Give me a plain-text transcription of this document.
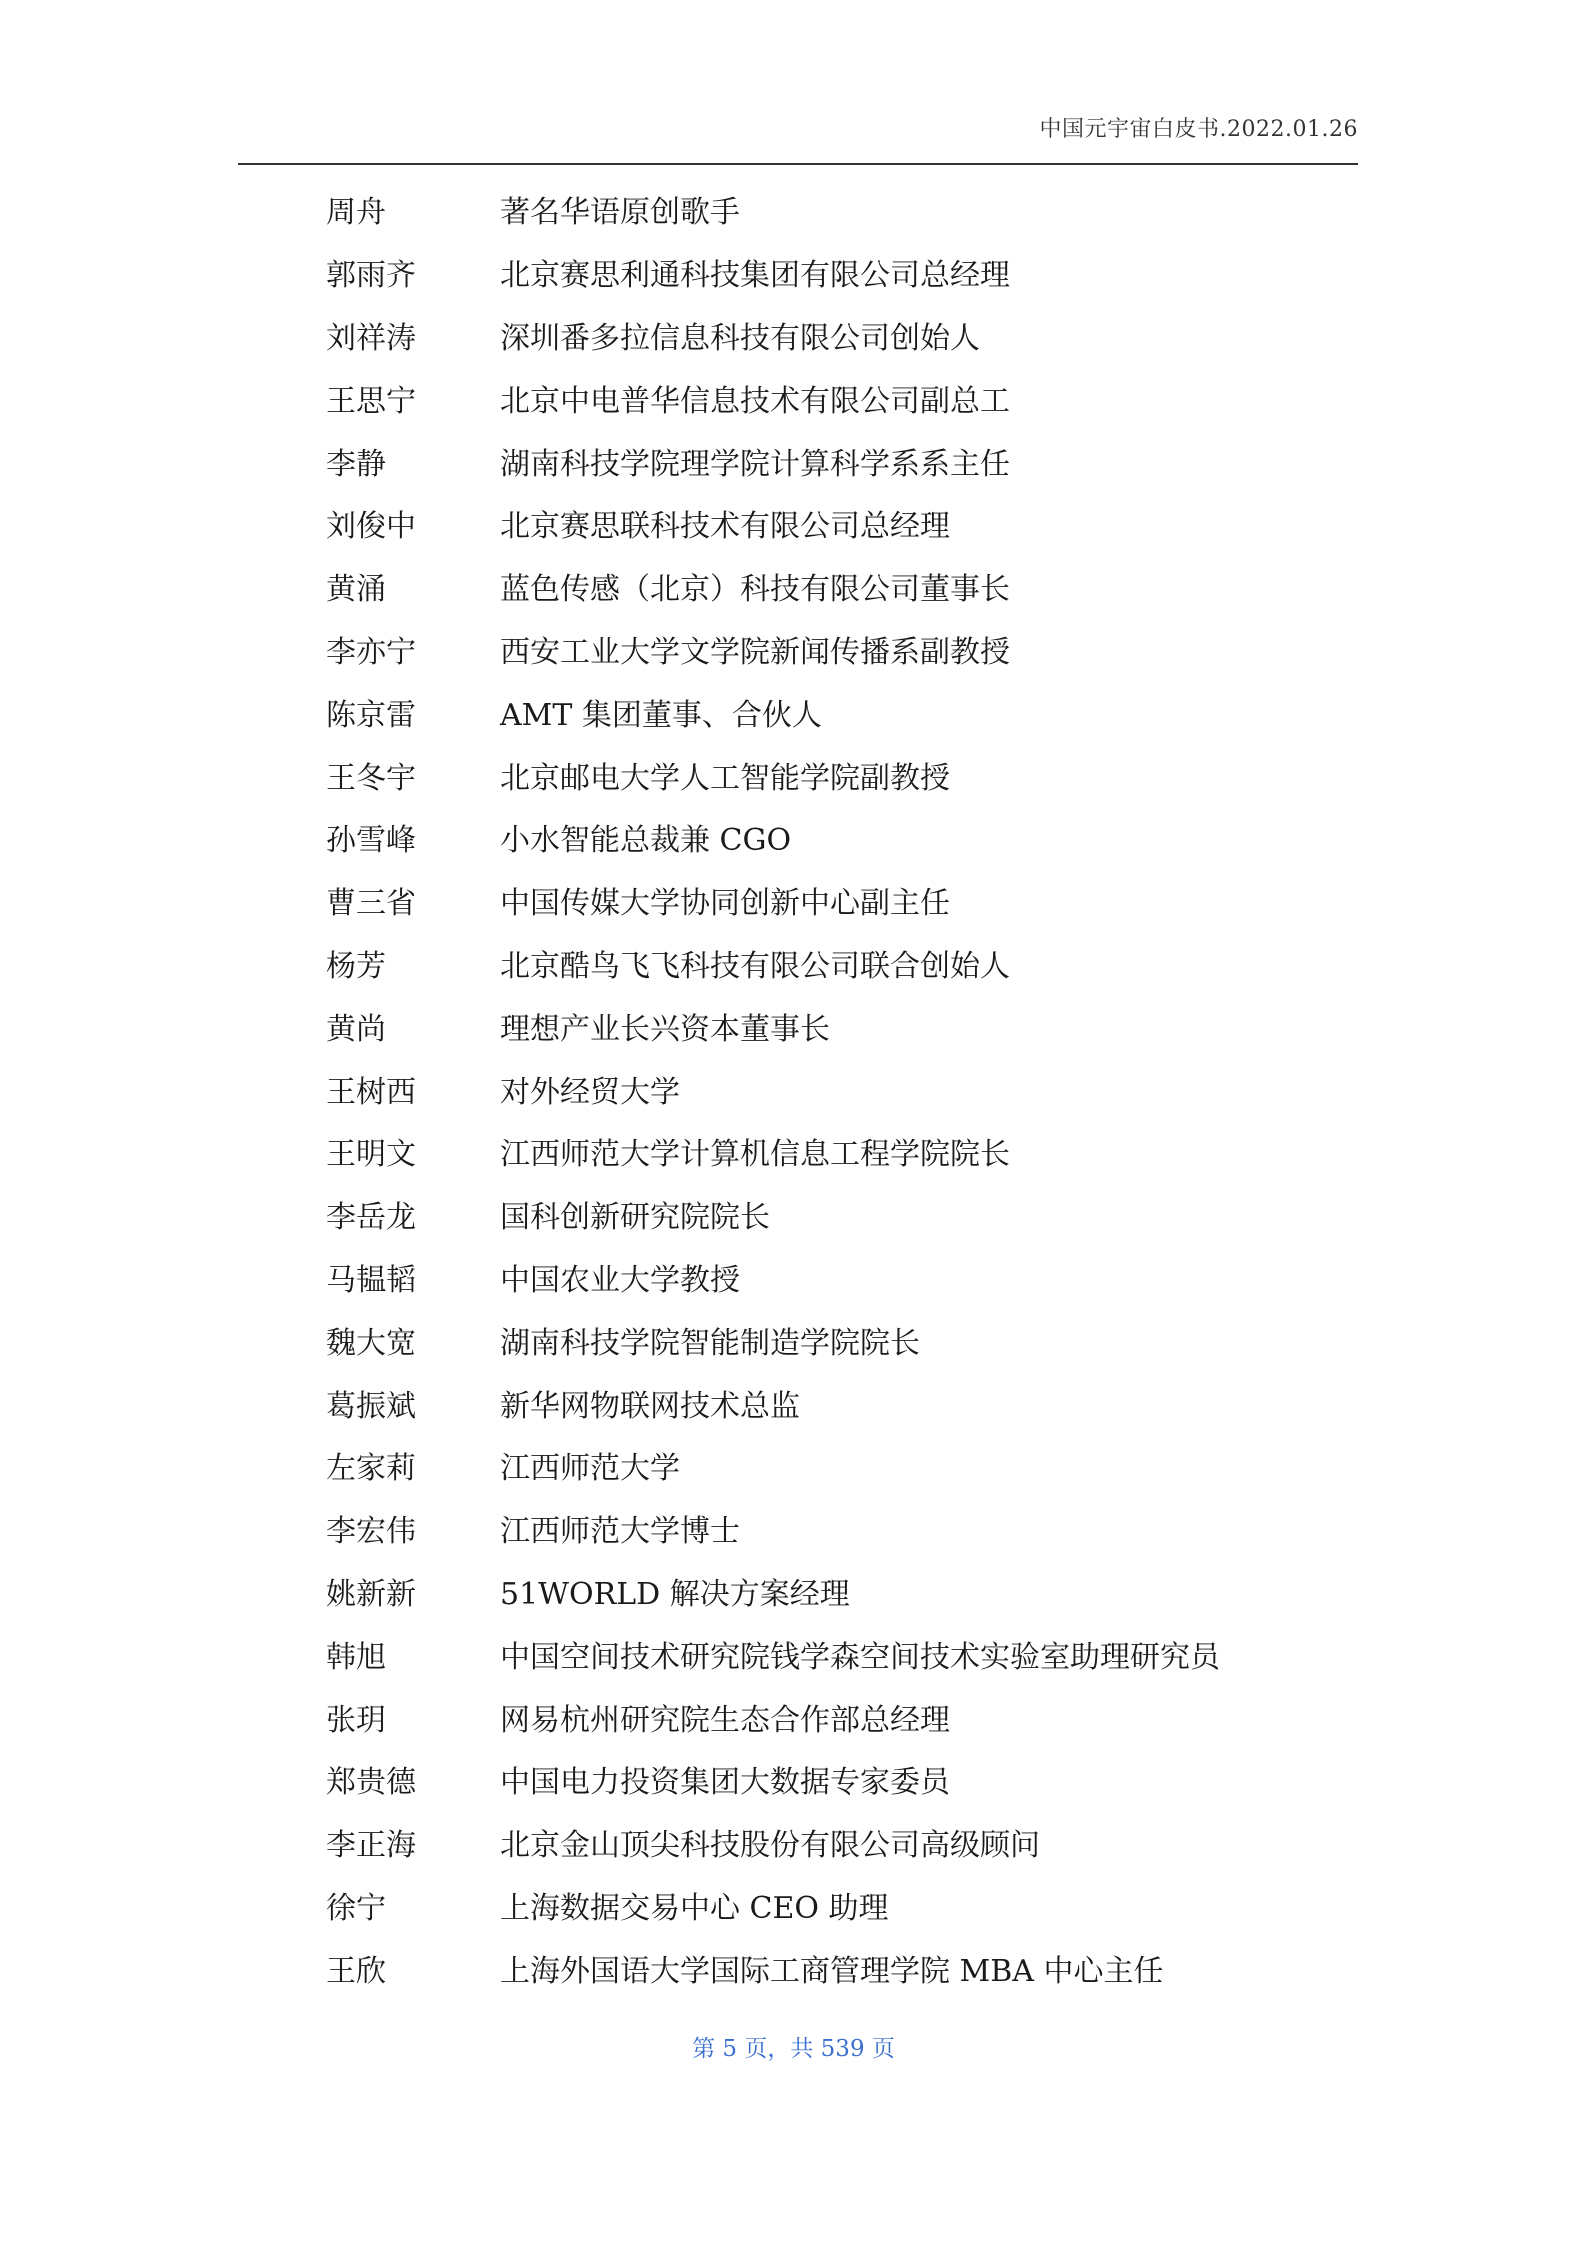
中国元宇宙白皮书.2022.01.26
周舟	著名华语原创歌手
郭雨齐	北京赛思利通科技集团有限公司总经理
刘祥涛	深圳番多拉信息科技有限公司创始人
王思宁	北京中电普华信息技术有限公司副总工
李静	湖南科技学院理学院计算科学系系主任
刘俊中	北京赛思联科技术有限公司总经理
黄涌	蓝色传感（北京）科技有限公司董事长
李亦宁	西安工业大学文学院新闻传播系副教授
陈京雷	AMT 集团董事、合伙人
王冬宇	北京邮电大学人工智能学院副教授
孙雪峰	小水智能总裁兼 CGO
曹三省	中国传媒大学协同创新中心副主任
杨芳	北京酷鸟飞飞科技有限公司联合创始人
黄尚	理想产业长兴资本董事长
王树西	对外经贸大学
王明文	江西师范大学计算机信息工程学院院长
李岳龙	国科创新研究院院长
马韫韬	中国农业大学教授
魏大宽	湖南科技学院智能制造学院院长
葛振斌	新华网物联网技术总监
左家莉	江西师范大学
李宏伟	江西师范大学博士
姚新新	51WORLD 解决方案经理
韩旭	中国空间技术研究院钱学森空间技术实验室助理研究员
张玥	网易杭州研究院生态合作部总经理
郑贵德	中国电力投资集团大数据专家委员
李正海	北京金山顶尖科技股份有限公司高级顾问
徐宁	上海数据交易中心 CEO 助理
王欣	上海外国语大学国际工商管理学院 MBA 中心主任
第 5 页，共 539 页
